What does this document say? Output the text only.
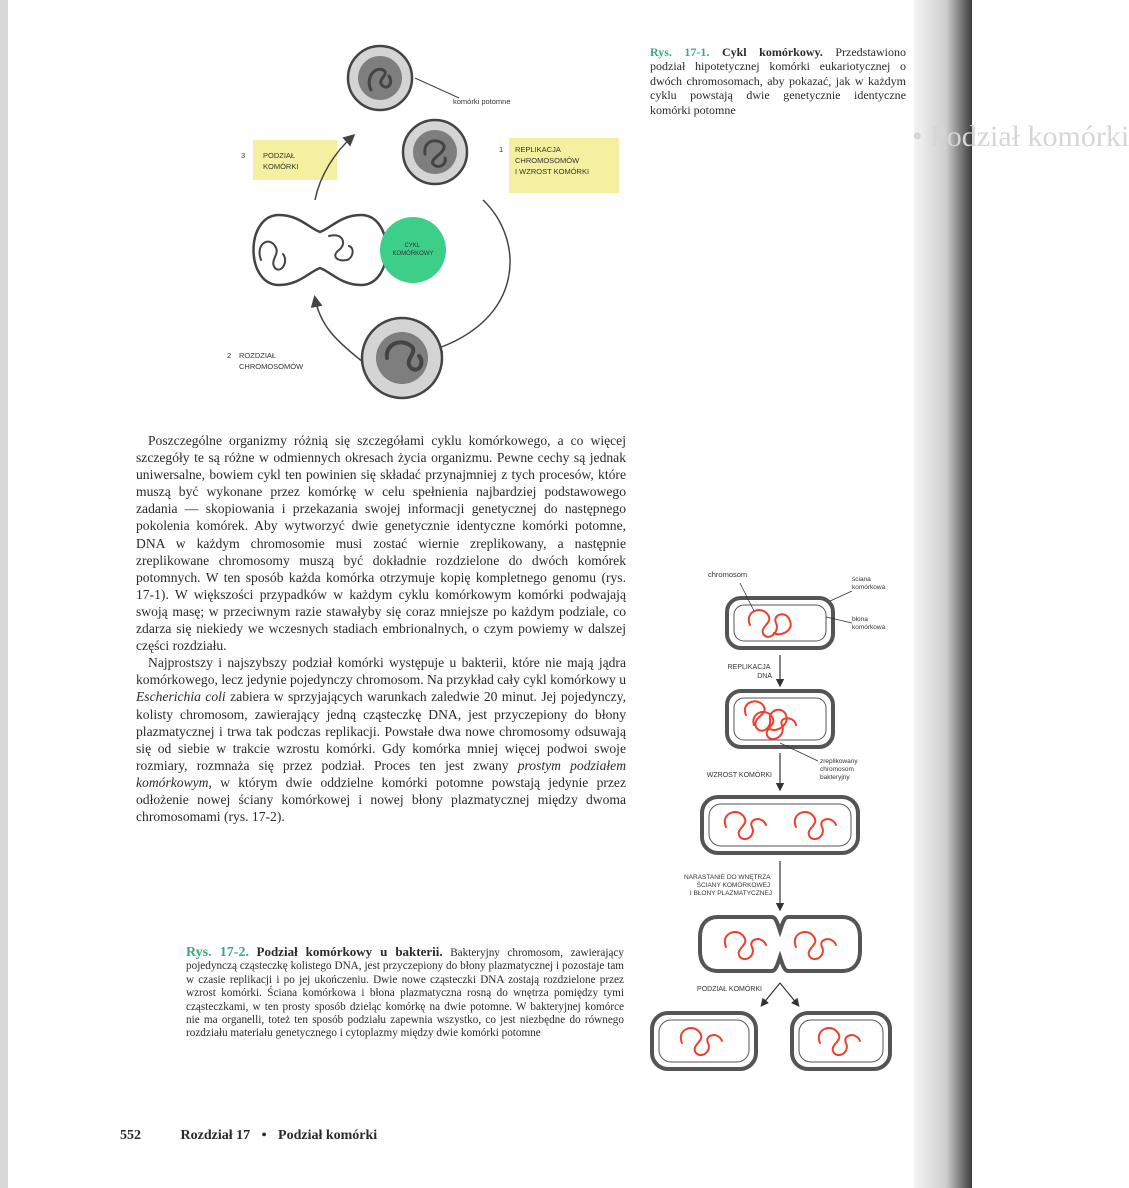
• Podział komórki
komórki potomne
1 REPLIKACJA CHROMOSOMÓW I WZROST KOMÓRKI
3 PODZIAŁ KOMÓRKI
2 ROZDZIAŁ CHROMOSOMÓW
CYKL KOMÓRKOWY
Rys. 17-1. Cykl komórkowy. Przedstawiono podział hipotetycznej komórki eukariotycznej o dwóch chromosomach, aby pokazać, jak w każdym cyklu powstają dwie genetycznie identyczne komórki potomne

Poszczególne organizmy różnią się szczegółami cyklu komórkowego, a co więcej szczegóły te są różne w odmiennych okresach życia organizmu. Pewne cechy są jednak uniwersalne, bowiem cykl ten powinien się składać przynajmniej z tych procesów, które muszą być wykonane przez komórkę w celu spełnienia najbardziej podstawowego zadania — skopiowania i przekazania swojej informacji genetycznej do następnego pokolenia komórek. Aby wytworzyć dwie genetycznie identyczne komórki potomne, DNA w każdym chromosomie musi zostać wiernie zreplikowany, a następnie zreplikowane chromosomy muszą być dokładnie rozdzielone do dwóch komórek potomnych. W ten sposób każda komórka otrzymuje kopię kompletnego genomu (rys. 17-1). W większości przypadków w każdym cyklu komórkowym komórki podwajają swoją masę; w przeciwnym razie stawałyby się coraz mniejsze po każdym podziale, co zdarza się niekiedy we wczesnych stadiach embrionalnych, o czym powiemy w dalszej części rozdziału.

Najprostszy i najszybszy podział komórki występuje u bakterii, które nie mają jądra komórkowego, lecz jedynie pojedynczy chromosom. Na przykład cały cykl komórkowy u Escherichia coli zabiera w sprzyjających warunkach zaledwie 20 minut. Jej pojedynczy, kolisty chromosom, zawierający jedną cząsteczkę DNA, jest przyczepiony do błony plazmatycznej i trwa tak podczas replikacji. Powstałe dwa nowe chromosomy odsuwają się od siebie w trakcie wzrostu komórki. Gdy komórka mniej więcej podwoi swoje rozmiary, rozmnaża się przez podział. Proces ten jest zwany prostym podziałem komórkowym, w którym dwie oddzielne komórki potomne powstają jedynie przez odłożenie nowej ściany komórkowej i nowej błony plazmatycznej między dwoma chromosomami (rys. 17-2).

chromosom
ściana komórkowa
błona komórkowa
REPLIKACJA DNA
zreplikowany chromosom bakteryjny
WZROST KOMÓRKI
NARASTANIE DO WNĘTRZA ŚCIANY KOMÓRKOWEJ I BŁONY PLAZMATYCZNEJ
PODZIAŁ KOMÓRKI
Rys. 17-2. Podział komórkowy u bakterii. Bakteryjny chromosom, zawierający pojedynczą cząsteczkę kolistego DNA, jest przyczepiony do błony plazmatycznej i pozostaje tam w czasie replikacji i po jej ukończeniu. Dwie nowe cząsteczki DNA zostają rozdzielone przez wzrost komórki. Ściana komórkowa i błona plazmatyczna rosną do wnętrza pomiędzy tymi cząsteczkami, w ten prosty sposób dzieląc komórkę na dwie potomne. W bakteryjnej komórce nie ma organelli, toteż ten sposób podziału zapewnia wszystko, co jest niezbędne do równego rozdziału materiału genetycznego i cytoplazmy między dwie komórki potomne
552	Rozdział 17 • Podział komórki
